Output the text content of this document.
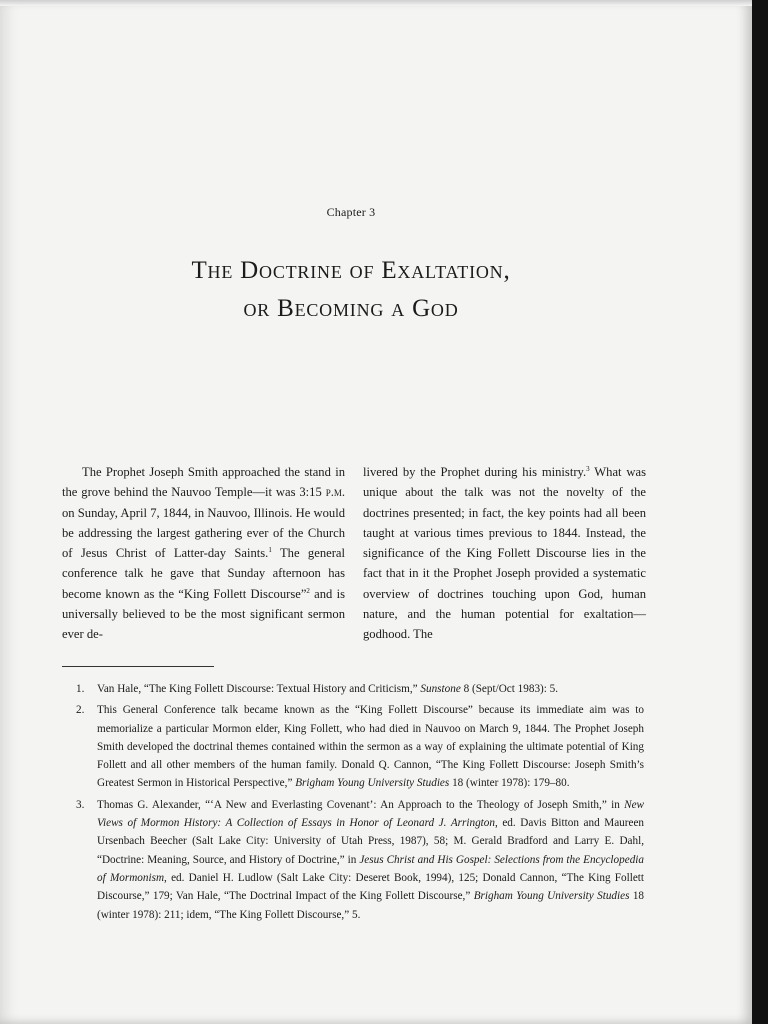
Chapter 3
The Doctrine of Exaltation,
or Becoming a God

The Prophet Joseph Smith approached the stand in the grove behind the Nauvoo Temple—it was 3:15 p.m. on Sunday, April 7, 1844, in Nauvoo, Illinois. He would be addressing the largest gathering ever of the Church of Jesus Christ of Latter-day Saints.$^1$ The general conference talk he gave that Sunday afternoon has become known as the “King Follett Discourse”$^2$ and is universally believed to be the most significant sermon ever de-

livered by the Prophet during his ministry.$^3$ What was unique about the talk was not the novelty of the doctrines presented; in fact, the key points had all been taught at various times previous to 1844. Instead, the significance of the King Follett Discourse lies in the fact that in it the Prophet Joseph provided a systematic overview of doctrines touching upon God, human nature, and the human potential for exaltation—godhood. The

1. Van Hale, “The King Follett Discourse: Textual History and Criticism,” Sunstone 8 (Sept/Oct 1983): 5.
2. This General Conference talk became known as the “King Follett Discourse” because its immediate aim was to memorialize a particular Mormon elder, King Follett, who had died in Nauvoo on March 9, 1844. The Prophet Joseph Smith developed the doctrinal themes contained within the sermon as a way of explaining the ultimate potential of King Follett and all other members of the human family. Donald Q. Cannon, “The King Follett Discourse: Joseph Smith’s Greatest Sermon in Historical Perspective,” Brigham Young University Studies 18 (winter 1978): 179–80.
3. Thomas G. Alexander, “‘A New and Everlasting Covenant’: An Approach to the Theology of Joseph Smith,” in New Views of Mormon History: A Collection of Essays in Honor of Leonard J. Arrington, ed. Davis Bitton and Maureen Ursenbach Beecher (Salt Lake City: University of Utah Press, 1987), 58; M. Gerald Bradford and Larry E. Dahl, “Doctrine: Meaning, Source, and History of Doctrine,” in Jesus Christ and His Gospel: Selections from the Encyclopedia of Mormonism, ed. Daniel H. Ludlow (Salt Lake City: Deseret Book, 1994), 125; Donald Cannon, “The King Follett Discourse,” 179; Van Hale, “The Doctrinal Impact of the King Follett Discourse,” Brigham Young University Studies 18 (winter 1978): 211; idem, “The King Follett Discourse,” 5.
